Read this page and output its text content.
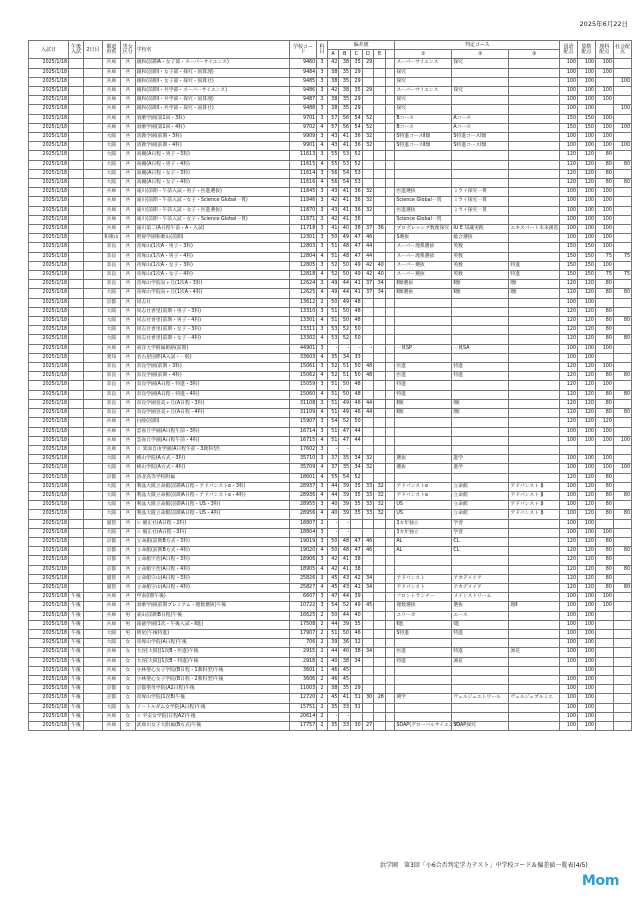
2025年6月22日
入試日	午後入試	2日目	都道府県	男女区分	学校名	学校コード	科目	偏差値						判定コース			国語配点	算数配点	理科配点	社会配点
								A	B	C	D	E		①	②	③				
2025/1/18			兵庫	共	親和(前期A・女子部・スーパーサイエンス)	9460	3	42	38	35	29			スーパーサイエンス	探究		100	100	100	
2025/1/18			兵庫	共	親和(前期Ⅰ・女子部・探究・国算理)	9484	3	38	35	29				探究			100	100	100	
2025/1/18			兵庫	共	親和(前期Ⅰ・女子部・探究・国算社)	9485	3	38	35	29				探究			100	100		100
2025/1/18			兵庫	共	親和(前期Ⅰ・共学部・スーパーサイエンス)	9486	3	42	38	35	29			スーパーサイエンス	探究		100	100	100	
2025/1/18			兵庫	共	親和(前期Ⅰ・共学部・探究・国算理)	9487	3	38	35	29				探究			100	100	100	
2025/1/18			兵庫	共	親和(前期Ⅰ・共学部・探究・国算社)	9488	3	38	35	29				探究			100	100		100
2025/1/18			兵庫	共	須磨学園(第1回・3科)	9701	3	57	56	54	52			Bコース	Aコース		150	150	100	
2025/1/18			兵庫	共	須磨学園(第1回・4科)	9702	4	57	56	54	52			Bコース	Aコース		150	150	100	100
2025/1/18			大阪	共	清教学園(前期・3科)	9909	3	43	41	36	32			S特進コースⅡ類	S特進コースⅠ類		100	100	100	
2025/1/18			大阪	共	清教学園(前期・4科)	9901	4	43	41	36	32			S特進コースⅡ類	S特進コースⅠ類		100	100	100	100
2025/1/18			大阪	共	高槻(A日程・男子・3科)	11613	3	55	53	52							120	120	80	
2025/1/18			大阪	共	高槻(A日程・男子・4科)	11615	4	55	53	52							120	120	80	80
2025/1/18			大阪	共	高槻(A日程・女子・3科)	11614	3	56	54	53							120	120	80	
2025/1/18			大阪	共	高槻(A日程・女子・4科)	11616	4	56	54	53							120	120	80	80
2025/1/18			兵庫	共	滝川(前期・午前入試・男子・医進選抜)	11845	3	43	41	36	32			医進選抜	ミライ探究一貫		100	100	100	
2025/1/18			兵庫	共	滝川(前期・午前入試・女子・Science Global一貫)	11846	3	42	41	36	32			Science Global一貫	ミライ探究一貫		100	100	100	
2025/1/18			兵庫	共	滝川(前期・午前入試・女子・医進選抜)	11870	3	43	41	36	32			医進選抜	ミライ探究一貫		100	100	100	
2025/1/18			兵庫	共	滝川(前期・午前入試・女子・Science Global一貫)	11871	3	42	41	36				Science Global一貫			100	100	100	
2025/1/18			兵庫	共	滝川第二(A日程午前・A・入試)	11718	3	41	40	38	37	36		プログレッシブ数理探究	IU E 知識実践	エキスパート未来創造	100	100	100	
2025/1/18			和歌山	共	智辯学園和歌山(前期)	12301	3	50	49	47	46			S選抜	総合選抜		100	100	100	
2025/1/18			奈良	共	帝塚山(1次A・男子・3科)	12803	3	51	48	47	44			スーパー理系選抜	英数		150	150	100	
2025/1/18			奈良	共	帝塚山(1次A・男子・4科)	12804	4	51	48	47	44			スーパー理系選抜	英数		150	150	75	75
2025/1/18			奈良	共	帝塚山(1次A・女子・3科)	12805	3	52	50	49	42	40		スーパー選抜	英数	特進	150	150	100	
2025/1/18			奈良	共	帝塚山(1次A・女子・4科)	12818	4	52	50	49	42	40		スーパー選抜	英数	特進	150	150	75	75
2025/1/18			奈良	共	帝塚山学院泉ヶ丘(1次A・3科)	12624	3	49	44	41	37	34		Ⅱ類選抜	Ⅱ類	Ⅰ類	120	120	80	
2025/1/18			大阪	共	帝塚山学院泉ヶ丘(1次A・4科)	12625	4	49	44	41	37	34		Ⅱ類選抜	Ⅱ類	Ⅰ類	120	120	80	80
2025/1/18			京都	共	同志社	13612	2	50	49	48							100	100		
2025/1/18			大阪	共	同志社香里(前期・男子・3科)	13310	3	51	50	48							120	120	80	
2025/1/18			大阪	共	同志社香里(前期・男子・4科)	13301	4	51	50	48							120	120	80	80
2025/1/18			大阪	共	同志社香里(前期・女子・3科)	13311	3	53	52	50							120	120	80	
2025/1/18			大阪	共	同志社香里(前期・女子・4科)	13302	4	53	52	50							120	120	80	80
2025/1/18			兵庫	共	東洋大学附属姫路(前期)	44901	3	-	-	-	-			一貫SP	一貫SA		100	100	100	
2025/1/18			愛知	共	名古屋国際(A入試・一般)	33603	4	35	34	33							100	100		
2025/1/18			奈良	共	奈良学園(前期・3科)	15061	3	52	51	50	48			医進	特進		120	120	100	
2025/1/18			奈良	共	奈良学園(前期・4科)	15062	4	52	51	50	48			医進	特進		120	120	80	80
2025/1/18			奈良	共	奈良学園(A日程・特進・3科)	15059	3	51	50	48				特進			120	120	100	
2025/1/18			奈良	共	奈良学園(A日程・特進・4科)	15060	4	51	50	48				特進			120	120	80	80
2025/1/18			奈良	共	奈良学園登美ヶ丘(A日程・3科)	31108	3	51	49	46	44			Ⅱ類	Ⅰ類		120	120	80	
2025/1/18			奈良	共	奈良学園登美ヶ丘(A日程・4科)	31109	4	51	49	46	44			Ⅱ類	Ⅰ類		120	120	80	80
2025/1/18			兵庫	共	白陵(前期)	15907	3	54	52	50							120	120	120	
2025/1/18			兵庫	共	雲雀丘学園(A日程午前・3科)	16714	3	51	47	44							100	100	100	
2025/1/18			兵庫	共	雲雀丘学園(A日程午前・4科)	16715	4	51	47	44							100	100	100	100
2025/1/18			兵庫	共	☆ 箕面自由学園(A日程午前・3教科型)	17602	3	-	-											
2025/1/18			大阪	共	桃山学院(A方式・3科)	35710	3	37	35	34	32			選抜	進学		100	100	100	
2025/1/18			大阪	共	桃山学院(A方式・4科)	35709	4	37	35	34	32			選抜	進学		100	100	100	100
2025/1/18			京都	共	洛北高等学校附属	18601	4	55	54	52							120	120	80	
2025/1/18			大阪	共	利晶大阪立命館(前期A日程・アドバンストα・3科)	28937	3	44	39	35	33	32		アドバンストα	立命館	アドバンスト β	100	120	80	
2025/1/18			大阪	共	利晶大阪立命館(前期A日程・アドバンストα・4科)	28936	4	44	39	35	33	32		アドバンストα	立命館	アドバンスト β	100	120	80	80
2025/1/18			大阪	共	利晶大阪立命館(前期A日程・US・3科)	28955	3	40	39	35	33	32		US	立命館	アドバンスト β	100	120	80	
2025/1/18			大阪	共	利晶大阪立命館(前期A日程・US・4科)	28956	4	40	39	35	33	32		US	立命館	アドバンスト β	100	120	80	80
2025/1/18			滋賀	共	☆ 履正社(A日程・2科)	18807	2	-	-					3カ年独立	学習		100	100		
2025/1/18			大阪	共	☆ 履正社(A日程・3科)	18804	3	-	-					3カ年独立	学習		100	100	100	
2025/1/18			京都	共	立命館(前期B方式・3科)	19019	3	50	48	47	46			AL	CL		120	120	80	
2025/1/18			京都	共	立命館(前期B方式・4科)	19020	4	50	48	47	46			AL	CL		120	120	80	80
2025/1/18			京都	共	立命館宇治(A日程・3科)	18906	3	42	41	38							120	120	80	
2025/1/18			京都	共	立命館宇治(A日程・4科)	18905	4	42	41	38							120	120	80	80
2025/1/18			滋賀	共	立命館守山(A日程・3科)	25826	3	45	43	42	34			アドバンスト	アカデメイア		120	120	80	
2025/1/18			滋賀	共	立命館守山(A日程・4科)	25827	4	45	43	42	34			アドバンスト	アカデメイア		120	120	80	80
2025/1/18	午後		兵庫	共	甲南(Ⅰ期午後)	6607	3	47	44	39				フロントランナー	メインストリーム		100	100	100	
2025/1/18	午後		兵庫	共	須磨学園(前期プレミアム・理数選抜)午後	10722	3	54	52	49	45			理数選抜	選抜	理Ⅱ	100	100	100	
2025/1/18	午後		兵庫	男	東山(前期B日程)午後	16625	2	50	44	40				ユリーカ	エース		100	100		
2025/1/18	午後		兵庫	男	報徳学園(1次・午後入試・Ⅱ進)	17508	2	44	39	35				Ⅱ進	Ⅰ進		100	100		
2025/1/18	午後		大阪	男	明星(午後特進)	17907	2	51	50	46				S特進	特進		100	100		
2025/1/18	午後		大阪	女	帝塚山学院(A日程)午後	706	2	39	36	32							100	100		
2025/1/18	午後		兵庫	女	大谷[大阪](1次B・医進)午後	2915	2	44	40	38	34			医進	特進	凛花	100	100		
2025/1/18	午後		兵庫	女	大谷[大阪](1次B・特進)午後	2918	2	40	38	34				特進	凛花		100	100		
2025/1/18	午後		兵庫	女	小林聖心女子学院(B日程・1教科型)午後	3601	1	46	45									100		
2025/1/18	午後		兵庫	女	小林聖心女子学院(B日程・2教科型)午後	3606	2	46	45								100	100		
2025/1/18	午後		京都	女	京都聖母学院(A2日程)午後	11003	2	38	35	29							100	100		
2025/1/18	午後		京都	女	帝塚山学院(1次B)午後	12720	2	45	41	31	30	28		関学	ヴェルジェエトワール	ヴェルジェブルミエ	100	100		
2025/1/18	午後		大阪	女	ノートルダム女学院(A日程)午後	15751	2	35	33	31							100	100		
2025/1/18	午後		兵庫	女	☆ 平安女学院(日程A2)午後	20614	2	-	-								100	100		
2025/1/18	午後		兵庫	女	武庫川女子大附属(B方式)午後	17757	2	35	33	30	27			SDAP(グローバルサイエンス)	SDAP探究		100	100		
浜学園　第3回「小6合否判定学力テスト」中学校コード＆偏差値一覧表(4/5)
ReseMom
